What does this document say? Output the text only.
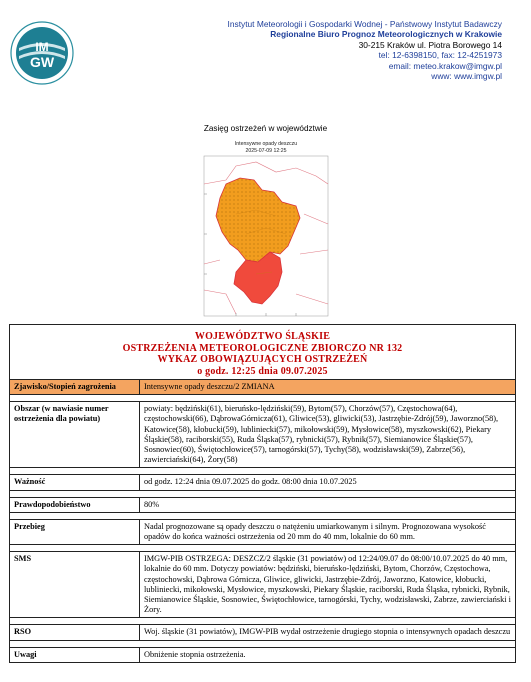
IM
GW
Instytut Meteorologii i Gospodarki Wodnej - Państwowy Instytut Badawczy
Regionalne Biuro Prognoz Meteorologicznych w Krakowie
30-215 Kraków ul. Piotra Borowego 14
tel: 12-6398150, fax: 12-4251973
email: meteo.krakow@imgw.pl
www: www.imgw.pl
Zasięg ostrzeżeń w województwie
Intensywne opady deszczu
2025-07-09 12:25
WOJEWÓDZTWO ŚLĄSKIE
OSTRZEŻENIA METEOROLOGICZNE ZBIORCZO NR 132
WYKAZ OBOWIĄZUJĄCYCH OSTRZEŻEŃ
o godz. 12:25 dnia 09.07.2025	

Zjawisko/Stopień zagrożenia	Intensywne opady deszczu/2 ZMIANA

Obszar (w nawiasie numer ostrzeżenia dla powiatu)	powiaty: będziński(61), bieruńsko-lędziński(59), Bytom(57), Chorzów(57), Częstochowa(64), częstochowski(66), DąbrowaGórnicza(61), Gliwice(53), gliwicki(53), Jastrzębie-Zdrój(59), Jaworzno(58), Katowice(58), kłobucki(59), lubliniecki(57), mikołowski(59), Mysłowice(58), myszkowski(62), Piekary Śląskie(58), raciborski(55), Ruda Śląska(57), rybnicki(57), Rybnik(57), Siemianowice Śląskie(57), Sosnowiec(60), Świętochłowice(57), tarnogórski(57), Tychy(58), wodzisławski(59), Zabrze(56), zawierciański(64), Żory(58)

Ważność	od godz. 12:24 dnia 09.07.2025 do godz. 08:00 dnia 10.07.2025

Prawdopodobieństwo	80%

Przebieg	Nadal prognozowane są opady deszczu o natężeniu umiarkowanym i silnym. Prognozowana wysokość opadów do końca ważności ostrzeżenia od 20 mm do 40 mm, lokalnie do 60 mm.

SMS	IMGW-PIB OSTRZEGA: DESZCZ/2 śląskie (31 powiatów) od 12:24/09.07 do 08:00/10.07.2025 do 40 mm, lokalnie do 60 mm. Dotyczy powiatów: będziński, bieruńsko-lędziński, Bytom, Chorzów, Częstochowa, częstochowski, Dąbrowa Górnicza, Gliwice, gliwicki, Jastrzębie-Zdrój, Jaworzno, Katowice, kłobucki, lubliniecki, mikołowski, Mysłowice, myszkowski, Piekary Śląskie, raciborski, Ruda Śląska, rybnicki, Rybnik, Siemianowice Śląskie, Sosnowiec, Świętochłowice, tarnogórski, Tychy, wodzisławski, Zabrze, zawierciański i Żory.

RSO	Woj. śląskie (31 powiatów), IMGW-PIB wydał ostrzeżenie drugiego stopnia o intensywnych opadach deszczu

Uwagi	Obniżenie stopnia ostrzeżenia.
